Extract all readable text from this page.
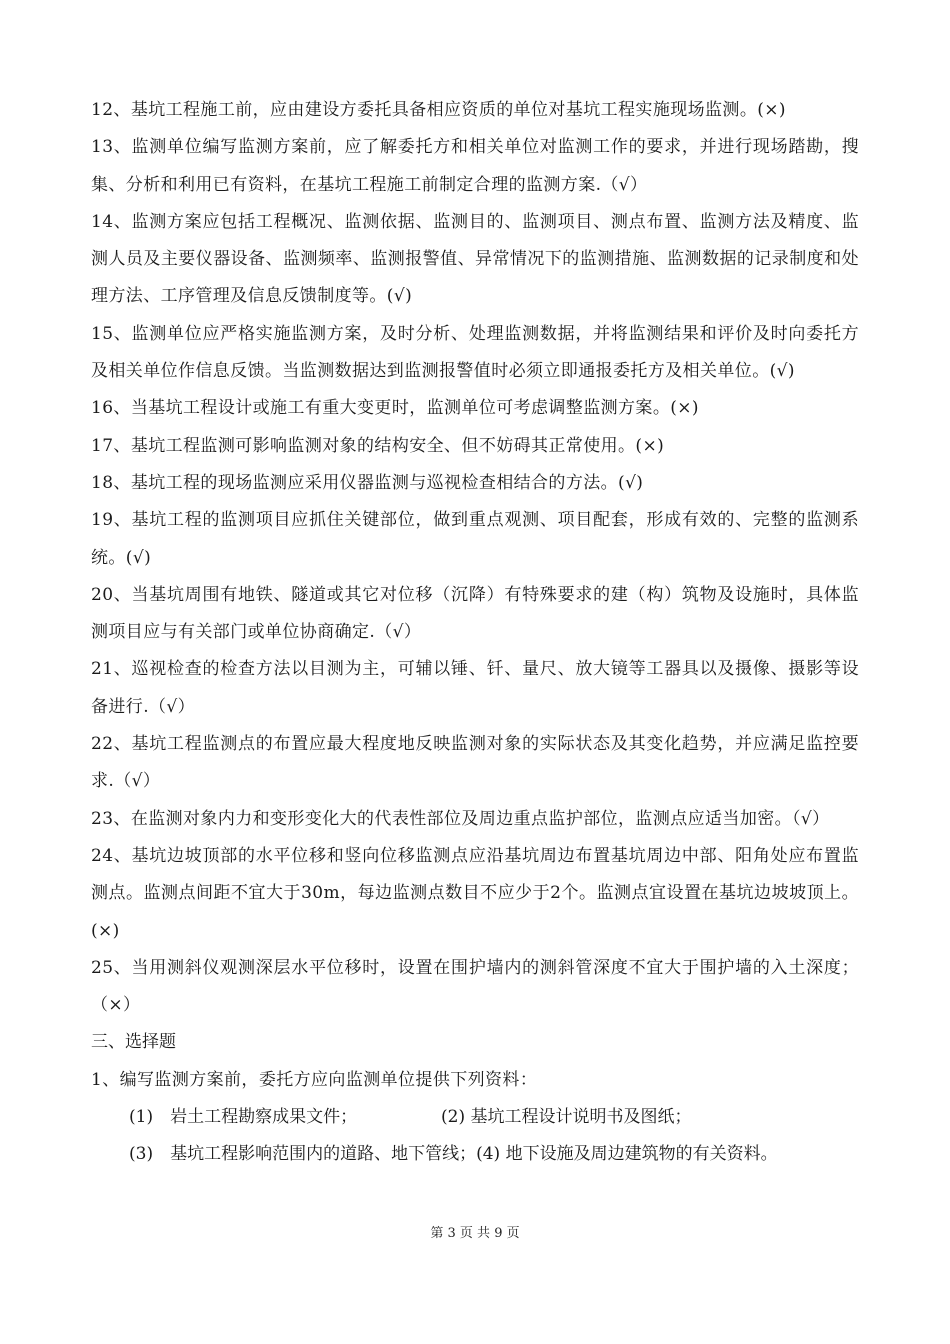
12、基坑工程施工前，应由建设方委托具备相应资质的单位对基坑工程实施现场监测。(×)

13、监测单位编写监测方案前，应了解委托方和相关单位对监测工作的要求，并进行现场踏勘，搜集、分析和利用已有资料，在基坑工程施工前制定合理的监测方案.（√）

14、监测方案应包括工程概况、监测依据、监测目的、监测项目、测点布置、监测方法及精度、监测人员及主要仪器设备、监测频率、监测报警值、异常情况下的监测措施、监测数据的记录制度和处理方法、工序管理及信息反馈制度等。(√)

15、监测单位应严格实施监测方案，及时分析、处理监测数据，并将监测结果和评价及时向委托方及相关单位作信息反馈。当监测数据达到监测报警值时必须立即通报委托方及相关单位。(√)

16、当基坑工程设计或施工有重大变更时，监测单位可考虑调整监测方案。(×)

17、基坑工程监测可影响监测对象的结构安全、但不妨碍其正常使用。(×)

18、基坑工程的现场监测应采用仪器监测与巡视检查相结合的方法。(√)

19、基坑工程的监测项目应抓住关键部位，做到重点观测、项目配套，形成有效的、完整的监测系统。(√)

20、当基坑周围有地铁、隧道或其它对位移（沉降）有特殊要求的建（构）筑物及设施时，具体监测项目应与有关部门或单位协商确定.（√）

21、巡视检查的检查方法以目测为主，可辅以锤、钎、量尺、放大镜等工器具以及摄像、摄影等设备进行.（√）

22、基坑工程监测点的布置应最大程度地反映监测对象的实际状态及其变化趋势，并应满足监控要求.（√）

23、在监测对象内力和变形变化大的代表性部位及周边重点监护部位，监测点应适当加密。（√）

24、基坑边坡顶部的水平位移和竖向位移监测点应沿基坑周边布置基坑周边中部、阳角处应布置监测点。监测点间距不宜大于30m，每边监测点数目不应少于2个。监测点宜设置在基坑边坡坡顶上。(×)

25、当用测斜仪观测深层水平位移时，设置在围护墙内的测斜管深度不宜大于围护墙的入土深度；（×）

三、选择题

1、编写监测方案前，委托方应向监测单位提供下列资料：

(1)　岩土工程勘察成果文件；	(2) 基坑工程设计说明书及图纸；
(3)　基坑工程影响范围内的道路、地下管线；(4) 地下设施及周边建筑物的有关资料。
第 3 页 共 9 页
